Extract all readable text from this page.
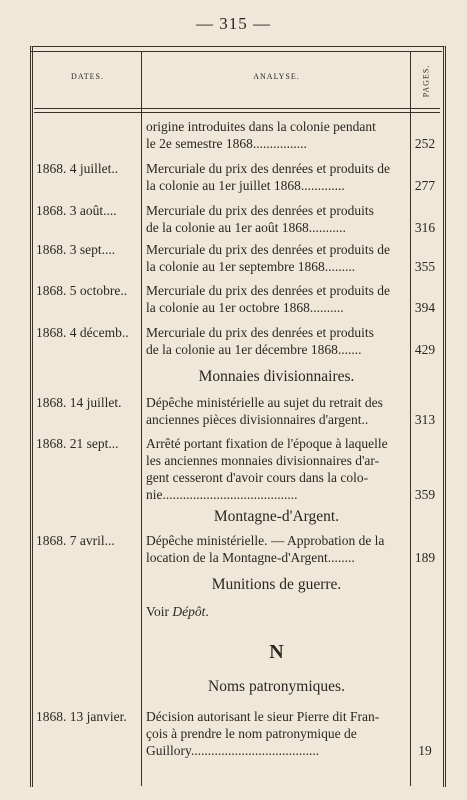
— 315 —
DATES.	ANALYSE.	PAGES.
origine introduites dans la colonie pendant
le 2e semestre 1868................	252
1868. 4 juillet..	Mercuriale du prix des denrées et produits de
la colonie au 1er juillet 1868.............	277
1868. 3 août....	Mercuriale du prix des denrées et produits
de la colonie au 1er août 1868...........	316
1868. 3 sept....	Mercuriale du prix des denrées et produits de
la colonie au 1er septembre 1868.........	355
1868. 5 octobre..	Mercuriale du prix des denrées et produits de
la colonie au 1er octobre 1868..........	394
1868. 4 décemb..	Mercuriale du prix des denrées et produits
de la colonie au 1er décembre 1868.......	429
Monnaies divisionnaires.
1868. 14 juillet.	Dépêche ministérielle au sujet du retrait des
anciennes pièces divisionnaires d'argent..	313
1868. 21 sept...	Arrêté portant fixation de l'époque à laquelle
les anciennes monnaies divisionnaires d'ar-
gent cesseront d'avoir cours dans la colo-
nie........................................	359
Montagne-d'Argent.
1868. 7 avril...	Dépêche ministérielle. — Approbation de la
location de la Montagne-d'Argent........	189
Munitions de guerre.
Voir Dépôt.
N
Noms patronymiques.
1868. 13 janvier.	Décision autorisant le sieur Pierre dit Fran-
çois à prendre le nom patronymique de
Guillory......................................	19
